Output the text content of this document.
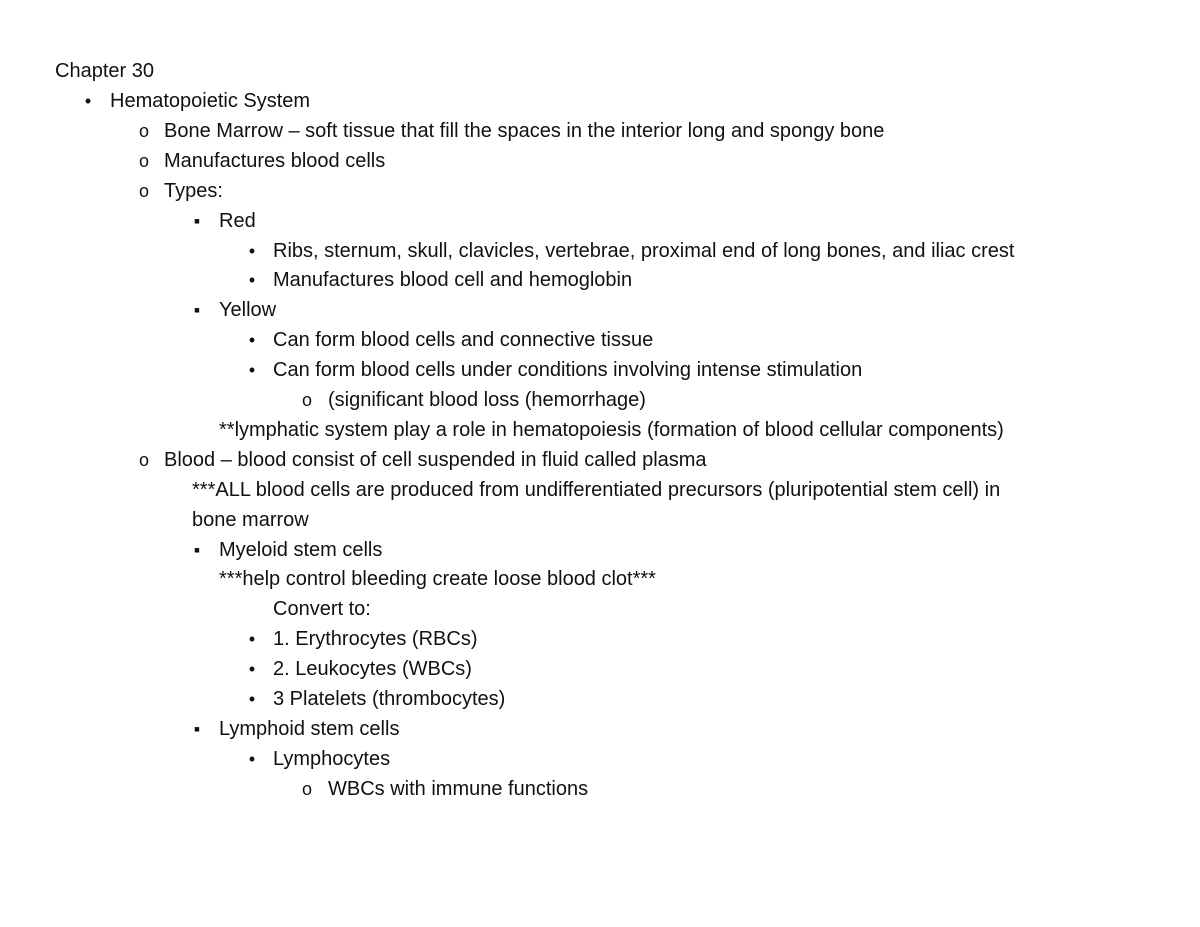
Chapter 30
• Hematopoietic System
o Bone Marrow – soft tissue that fill the spaces in the interior long and spongy bone
o Manufactures blood cells
o Types:
▪ Red
• Ribs, sternum, skull, clavicles, vertebrae, proximal end of long bones, and iliac crest
• Manufactures blood cell and hemoglobin
▪ Yellow
• Can form blood cells and connective tissue
• Can form blood cells under conditions involving intense stimulation
o (significant blood loss (hemorrhage)
**lymphatic system play a role in hematopoiesis (formation of blood cellular components)
o Blood – blood consist of cell suspended in fluid called plasma
***ALL blood cells are produced from undifferentiated precursors (pluripotential stem cell) in
bone marrow
▪ Myeloid stem cells
***help control bleeding create loose blood clot***
Convert to:
• 1. Erythrocytes (RBCs)
• 2. Leukocytes (WBCs)
• 3 Platelets (thrombocytes)
▪ Lymphoid stem cells
• Lymphocytes
o WBCs with immune functions
